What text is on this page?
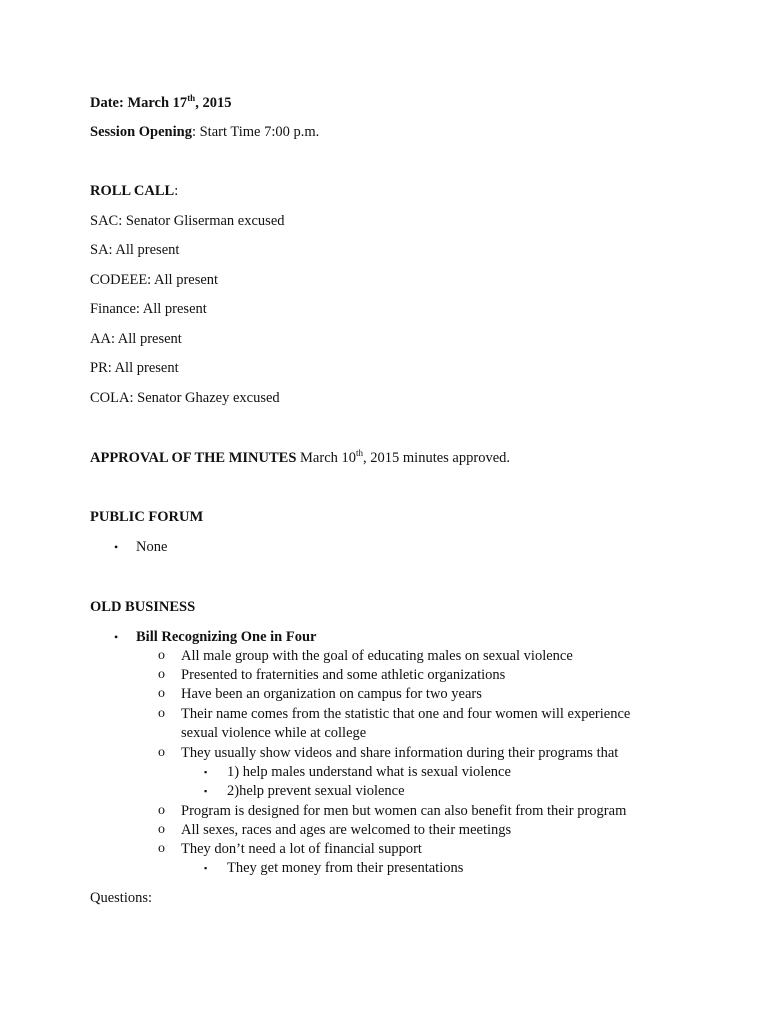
Date: March 17th, 2015
Session Opening: Start Time 7:00 p.m.
ROLL CALL:
SAC: Senator Gliserman excused
SA: All present
CODEEE: All present
Finance: All present
AA: All present
PR: All present
COLA: Senator Ghazey excused
APPROVAL OF THE MINUTES March 10th, 2015 minutes approved.
PUBLIC FORUM
• None
OLD BUSINESS
• Bill Recognizing One in Four
o All male group with the goal of educating males on sexual violence
o Presented to fraternities and some athletic organizations
o Have been an organization on campus for two years
o Their name comes from the statistic that one and four women will experience
sexual violence while at college
o They usually show videos and share information during their programs that
▪ 1) help males understand what is sexual violence
▪ 2)help prevent sexual violence
o Program is designed for men but women can also benefit from their program
o All sexes, races and ages are welcomed to their meetings
o They don’t need a lot of financial support
▪ They get money from their presentations
Questions:
